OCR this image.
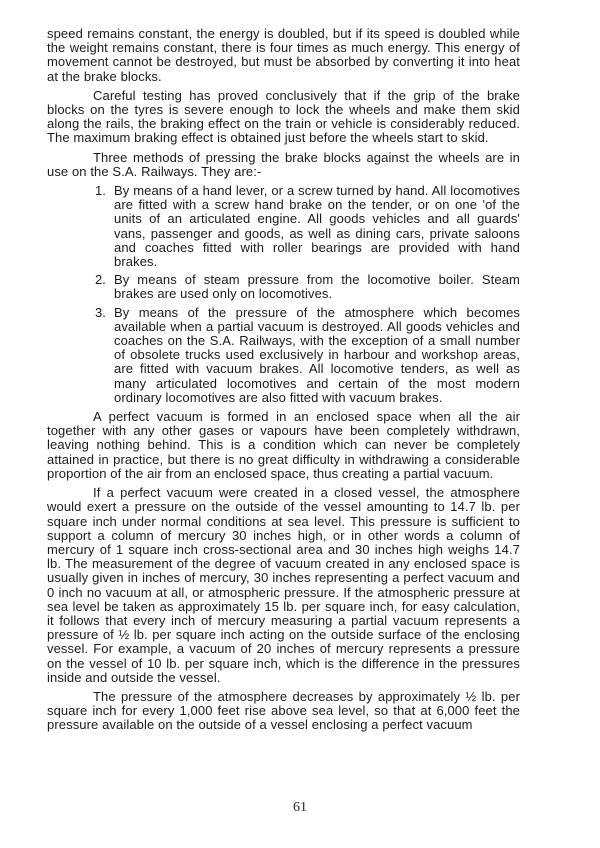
speed remains constant, the energy is doubled, but if its speed is doubled while the weight remains constant, there is four times as much energy. This energy of movement cannot be destroyed, but must be absorbed by converting it into heat at the brake blocks.

Careful testing has proved conclusively that if the grip of the brake blocks on the tyres is severe enough to lock the wheels and make them skid along the rails, the braking effect on the train or vehicle is considerably reduced. The maximum braking effect is obtained just before the wheels start to skid.

Three methods of pressing the brake blocks against the wheels are in use on the S.A. Railways. They are:-

1. By means of a hand lever, or a screw turned by hand. All locomotives are fitted with a screw hand brake on the tender, or on one 'of the units of an articulated engine. All goods vehicles and all guards' vans, passenger and goods, as well as dining cars, private saloons and coaches fitted with roller bearings are provided with hand brakes.
2. By means of steam pressure from the locomotive boiler. Steam brakes are used only on locomotives.
3. By means of the pressure of the atmosphere which becomes available when a partial vacuum is destroyed. All goods vehicles and coaches on the S.A. Railways, with the exception of a small number of obsolete trucks used exclusively in harbour and workshop areas, are fitted with vacuum brakes. All locomotive tenders, as well as many articulated locomotives and certain of the most modern ordinary locomotives are also fitted with vacuum brakes.

A perfect vacuum is formed in an enclosed space when all the air together with any other gases or vapours have been completely withdrawn, leaving nothing behind. This is a condition which can never be completely attained in practice, but there is no great difficulty in withdrawing a considerable proportion of the air from an enclosed space, thus creating a partial vacuum.

If a perfect vacuum were created in a closed vessel, the atmosphere would exert a pressure on the outside of the vessel amounting to 14.7 lb. per square inch under normal conditions at sea level. This pressure is sufficient to support a column of mercury 30 inches high, or in other words a column of mercury of 1 square inch cross-sectional area and 30 inches high weighs 14.7 lb. The measurement of the degree of vacuum created in any enclosed space is usually given in inches of mercury, 30 inches representing a perfect vacuum and 0 inch no vacuum at all, or atmospheric pressure. If the atmospheric pressure at sea level be taken as approximately 15 lb. per square inch, for easy calculation, it follows that every inch of mercury measuring a partial vacuum represents a pressure of ½ lb. per square inch acting on the outside surface of the enclosing vessel. For example, a vacuum of 20 inches of mercury represents a pressure on the vessel of 10 lb. per square inch, which is the difference in the pressures inside and outside the vessel.

The pressure of the atmosphere decreases by approximately ½ lb. per square inch for every 1,000 feet rise above sea level, so that at 6,000 feet the pressure available on the outside of a vessel enclosing a perfect vacuum

61
